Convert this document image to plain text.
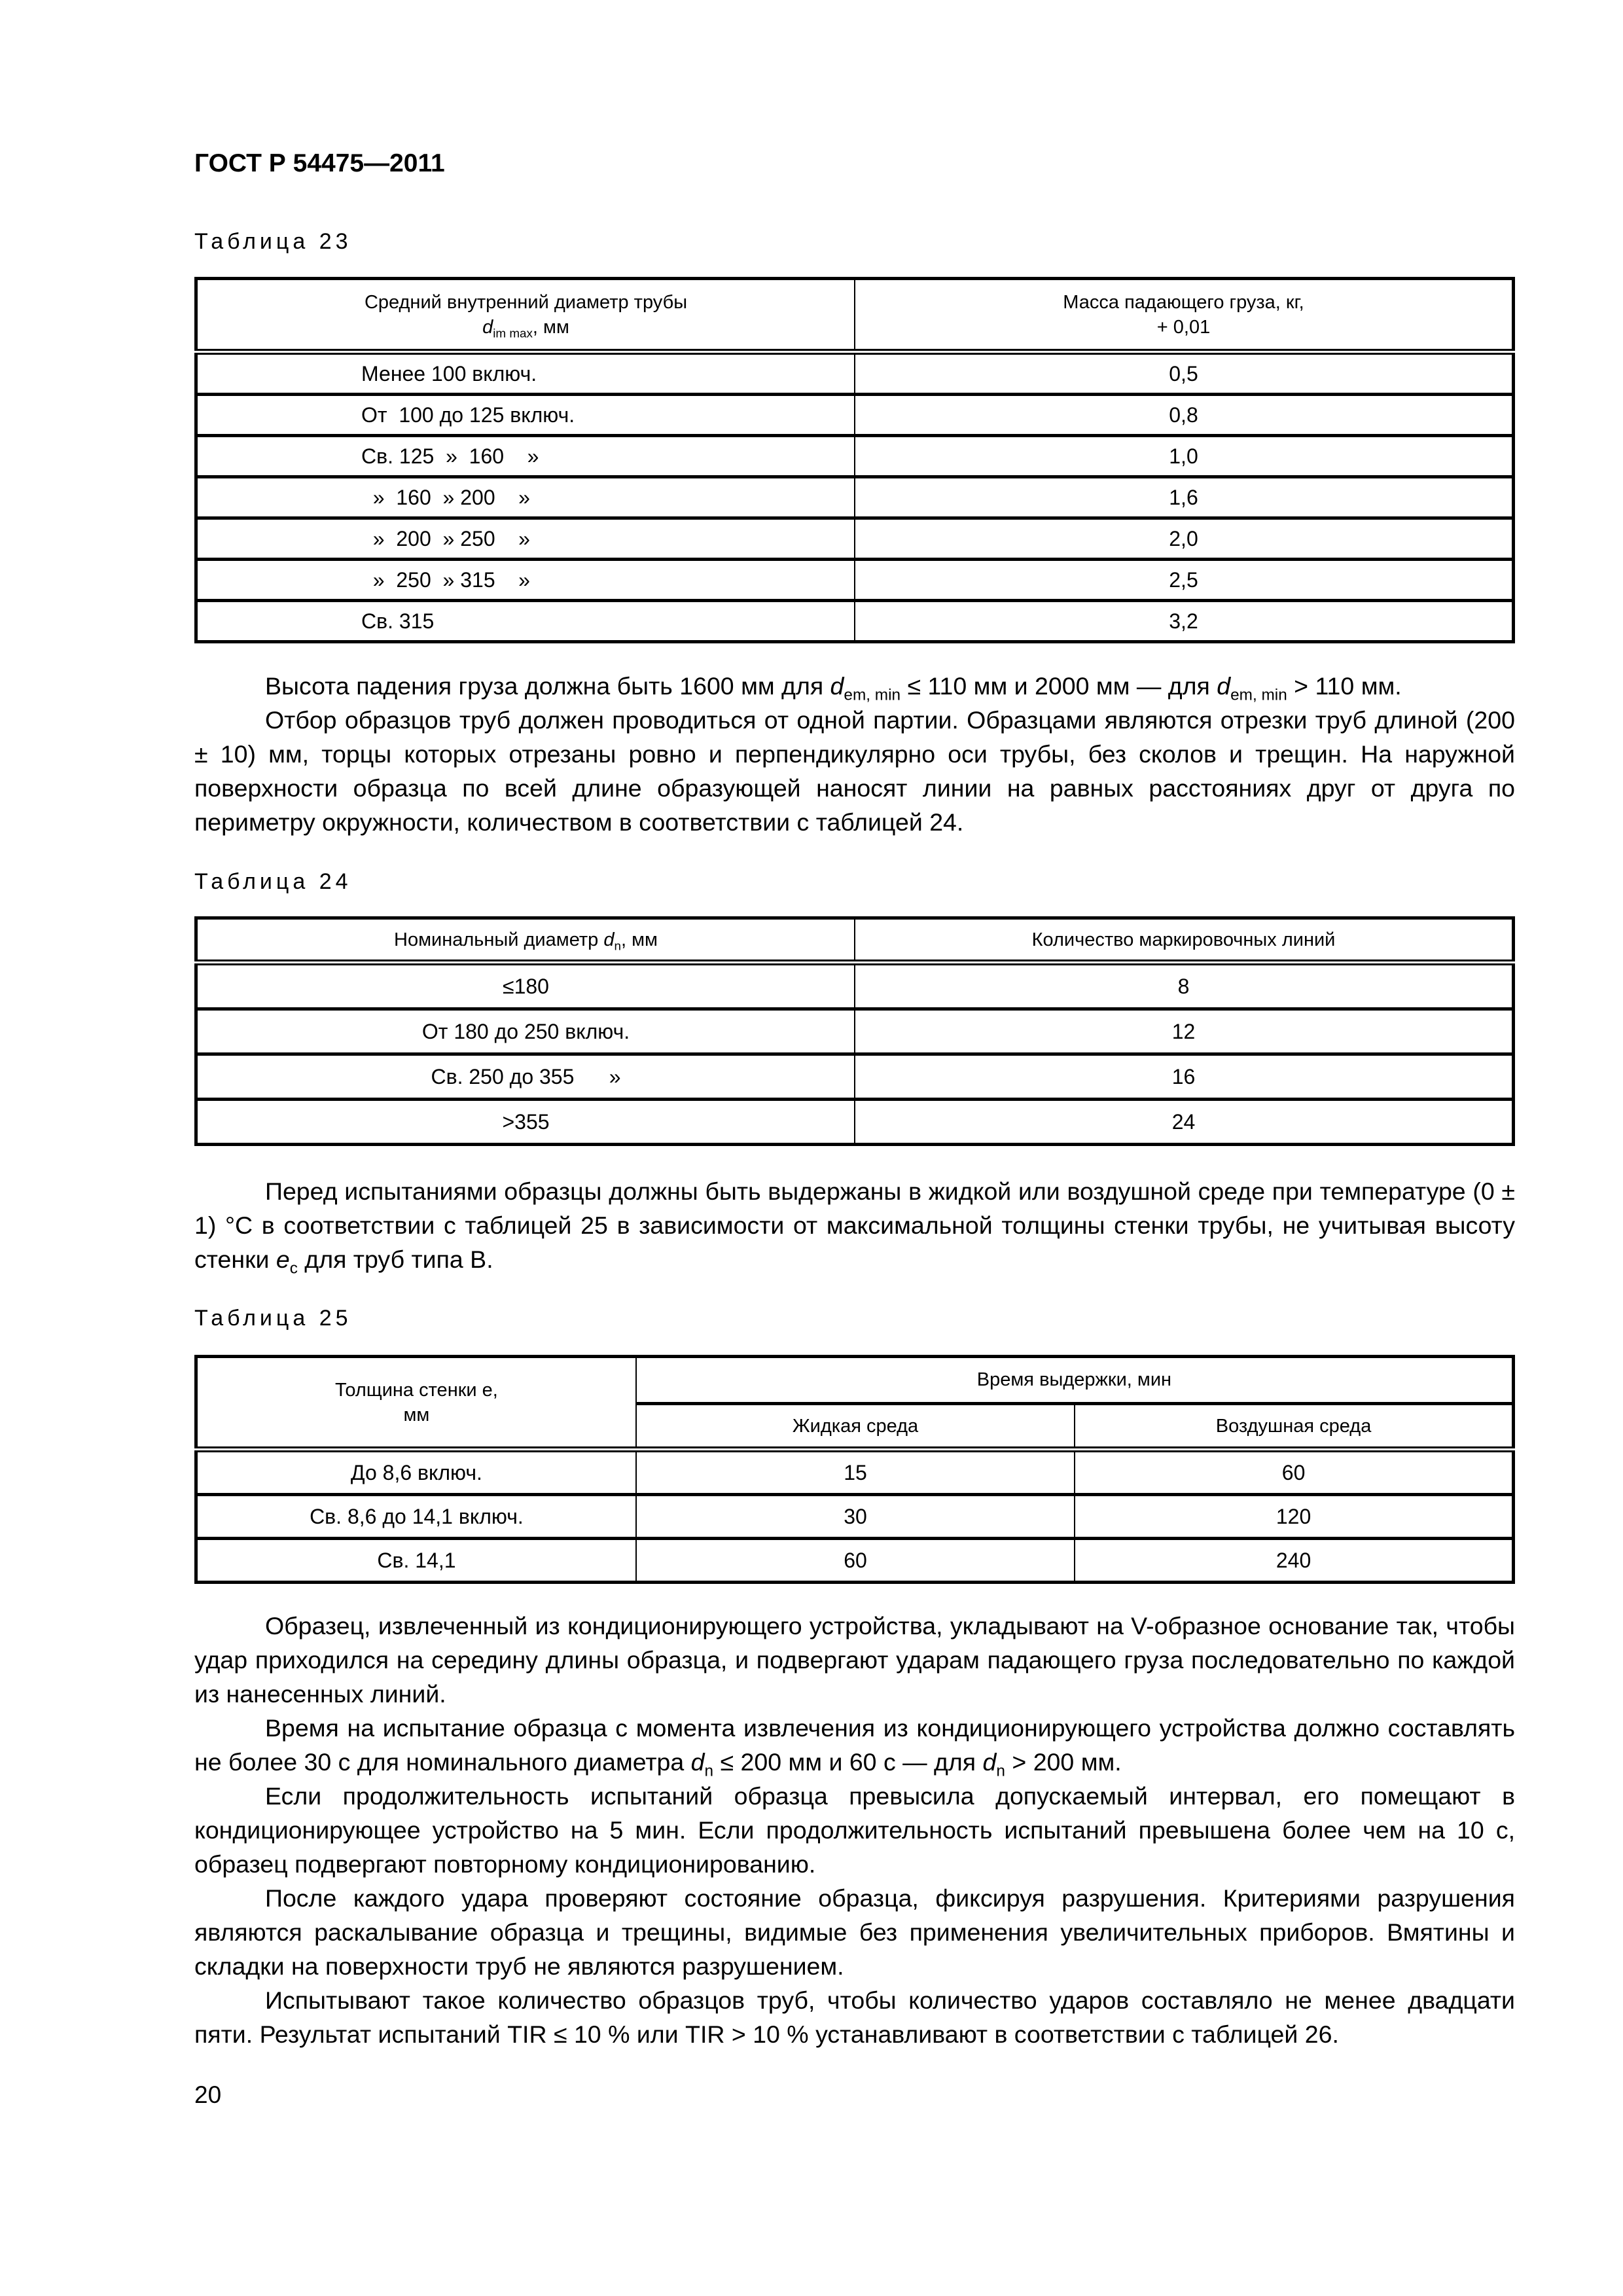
ГОСТ Р 54475—2011
Таблица 23
Средний внутренний диаметр трубы
$d_{im max}$, мм	Масса падающего груза, кг,
+ 0,01
Менее 100 включ.	0,5
От  100 до 125 включ.	0,8
Св. 125  »  160    »	1,0
»  160  » 200    »	1,6
»  200  » 250    »	2,0
»  250  » 315    »	2,5
Св. 315	3,2

Высота падения груза должна быть 1600 мм для $d_{em, min} \le 110$ мм и 2000 мм — для $d_{em, min} > 110$ мм.

Отбор образцов труб должен проводиться от одной партии. Образцами являются отрезки труб длиной (200 ± 10) мм, торцы которых отрезаны ровно и перпендикулярно оси трубы, без сколов и трещин. На наружной поверхности образца по всей длине образующей наносят линии на равных расстояниях друг от друга по периметру окружности, количеством в соответствии с таблицей 24.

Таблица 24
Номинальный диаметр $d_n$, мм	Количество маркировочных линий
≤180	8
От 180 до 250 включ.	12
Св. 250 до 355      »	16
>355	24

Перед испытаниями образцы должны быть выдержаны в жидкой или воздушной среде при температуре (0 ± 1) °С в соответствии с таблицей 25 в зависимости от максимальной толщины стенки трубы, не учитывая высоту стенки $e_c$ для труб типа В.

Таблица 25
Толщина стенки e,
мм	Время выдержки, мин	
	Жидкая среда	Воздушная среда
До 8,6 включ.	15	60
Св. 8,6 до 14,1 включ.	30	120
Св. 14,1	60	240

Образец, извлеченный из кондиционирующего устройства, укладывают на V-образное основание так, чтобы удар приходился на середину длины образца, и подвергают ударам падающего груза последовательно по каждой из нанесенных линий.

Время на испытание образца с момента извлечения из кондиционирующего устройства должно составлять не более 30 с для номинального диаметра $d_n \le 200$ мм и 60 с — для $d_n > 200$ мм.

Если продолжительность испытаний образца превысила допускаемый интервал, его помещают в кондиционирующее устройство на 5 мин. Если продолжительность испытаний превышена более чем на 10 с, образец подвергают повторному кондиционированию.

После каждого удара проверяют состояние образца, фиксируя разрушения. Критериями разрушения являются раскалывание образца и трещины, видимые без применения увеличительных приборов. Вмятины и складки на поверхности труб не являются разрушением.

Испытывают такое количество образцов труб, чтобы количество ударов составляло не менее двадцати пяти. Результат испытаний TIR ≤ 10 % или TIR > 10 % устанавливают в соответствии с таблицей 26.

20
